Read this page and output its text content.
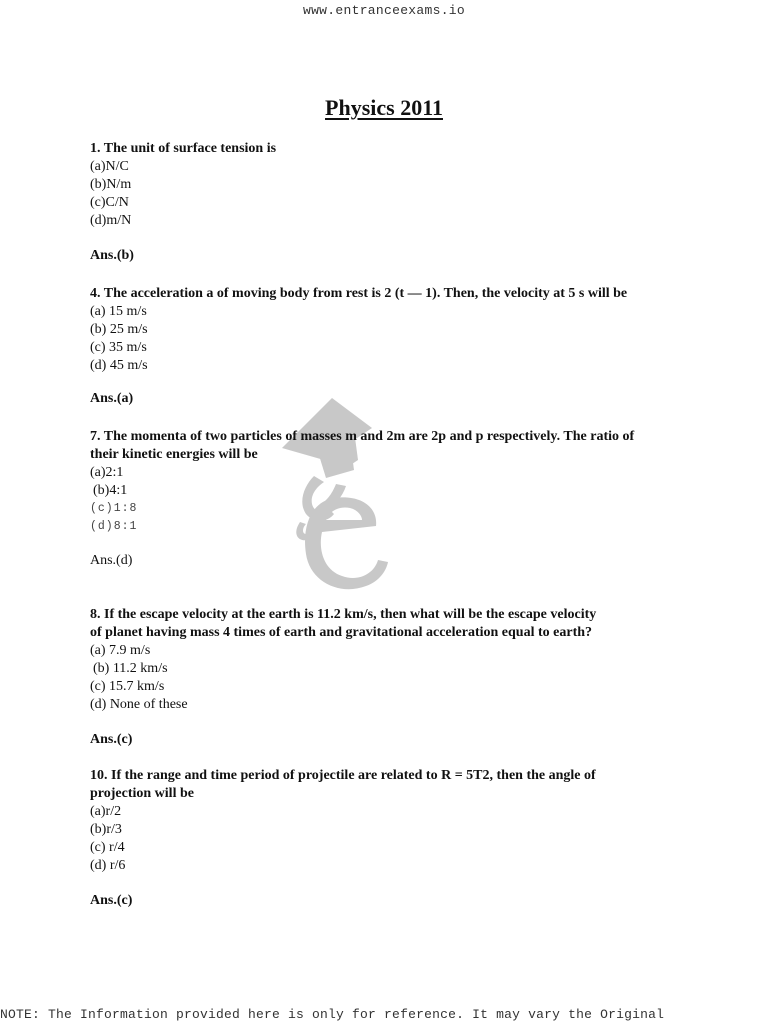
www.entranceexams.io
Physics 2011
1. The unit of surface tension is
(a)N/C
(b)N/m
(c)C/N
(d)m/N
Ans.(b)
4. The acceleration a of moving body from rest is 2 (t — 1). Then, the velocity at 5 s will be
(a) 15 m/s
(b) 25 m/s
(c) 35 m/s
(d) 45 m/s
Ans.(a)
7. The momenta of two particles of masses m and 2m are 2p and p respectively. The ratio of
their kinetic energies will be
(a)2:1
(b)4:1
(c)1:8
(d)8:1
Ans.(d)
8. If the escape velocity at the earth is 11.2 km/s, then what will be the escape velocity
of planet having mass 4 times of earth and gravitational acceleration equal to earth?
(a) 7.9 m/s
(b) 11.2 km/s
(c) 15.7 km/s
(d) None of these
Ans.(c)
10. If the range and time period of projectile are related to R = 5T2, then the angle of
projection will be
(a)r/2
(b)r/3
(c) r/4
(d) r/6
Ans.(c)
NOTE: The Information provided here is only for reference. It may vary the Original
